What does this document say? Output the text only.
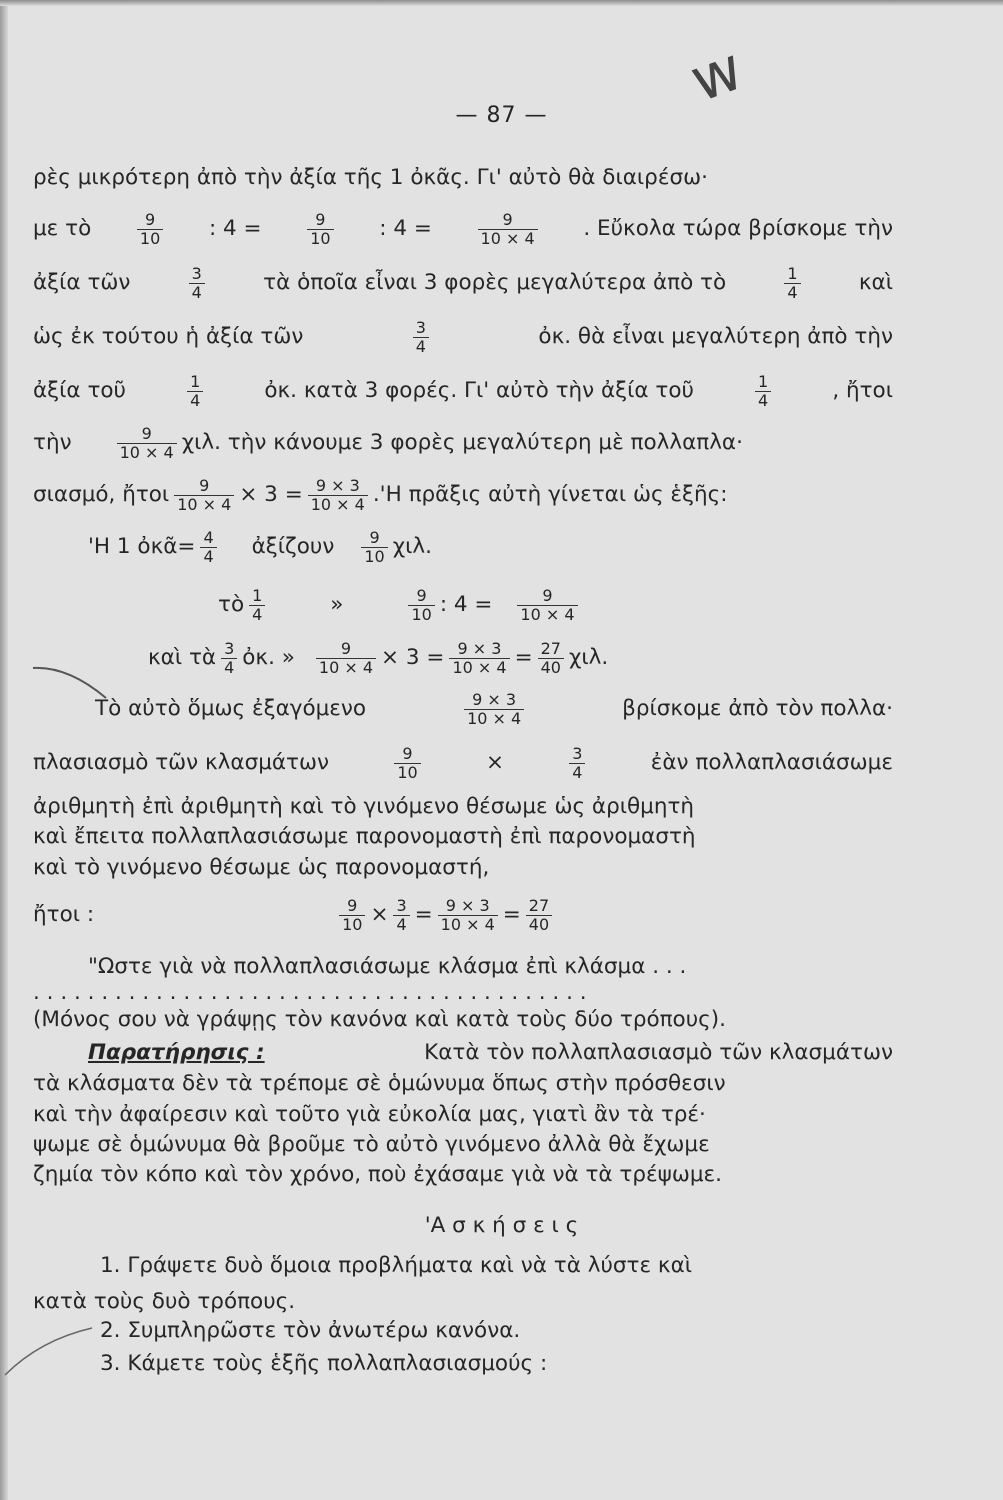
— 87 —	ᴡ
ρὲς μικρότερη ἀπὸ τὴν ἀξία τῆς 1 ὀκᾶς. Γι' αὐτὸ θὰ διαιρέσω·
με τὸ	$\frac{9}{10}$ : 4 =	$\frac{9}{10}$ : 4 =	$\frac{9}{10 \times 4}$ . Εὔκολα τώρα βρίσκομε τὴν
ἀξία τῶν	$\frac{3}{4}$	τὰ ὁποῖα εἶναι 3 φορὲς μεγαλύτερα ἀπὸ τὸ	$\frac{1}{4}$	καὶ
ὡς ἐκ τούτου ἡ ἀξία τῶν	$\frac{3}{4}$	ὀκ. θὰ εἶναι μεγαλύτερη ἀπὸ τὴν
ἀξία τοῦ	$\frac{1}{4}$	ὀκ. κατὰ 3 φορές. Γι' αὐτὸ τὴν ἀξία τοῦ	$\frac{1}{4}$	, ἤτοι
τὴν	$\frac{9}{10 \times 4} \chi\iota\lambda$. τὴν κάνουμε 3 φορὲς μεγαλύτερη μὲ πολλαπλα·
σιασμό, ἤτοι $\frac{9}{10 \times 4} \times 3 = \frac{9 \times 3}{10 \times 4} .'H$ πρᾶξις αὐτὴ γίνεται ὡς ἑξῆς:
'Η 1 ὀκᾶ= $\frac{4}{4}$ ἀξίζουν $\frac{9}{10} \chi\iota\lambda$.
τὸ $\frac{1}{4}$	»	$\frac{9}{10}$ : $4 = \frac{9}{10 \times 4}$
καὶ τὰ $\frac{3}{4}$ ὀκ. » $\frac{9}{10 \times 4} \times 3 = \frac{9 \times 3}{10 \times 4} = \frac{27}{40} \chi\iota\lambda$.
Τὸ αὐτὸ ὅμως ἐξαγόμενο	$\frac{9 \times 3}{10 \times 4}$	βρίσκομε ἀπὸ τὸν πολλα·
πλασιασμὸ τῶν κλασμάτων	$\frac{9}{10}$	×	$\frac{3}{4}$	ἐὰν πολλαπλασιάσωμε
ἀριθμητὴ ἐπὶ ἀριθμητὴ καὶ τὸ γινόμενο θέσωμε ὡς ἀριθμητὴ
καὶ ἔπειτα πολλαπλασιάσωμε παρονομαστὴ ἐπὶ παρονομαστὴ
καὶ τὸ γινόμενο θέσωμε ὡς παρονομαστή,
ἤτοι :	$\frac{9}{10} \times \frac{3}{4} = \frac{9 \times 3}{10 \times 4} = \frac{27}{40}$
"Ωστε γιὰ νὰ πολλαπλασιάσωμε κλάσμα ἐπὶ κλάσμα . . .
. . . . . . . . . . . . . . . . . . . . . . . . . . . . . . . . . . . . . . . . .
(Μόνος σου νὰ γράψῃς τὸν κανόνα καὶ κατὰ τοὺς δύο τρόπους).
Παρατήρησις :	Κατὰ τὸν πολλαπλασιασμὸ τῶν κλασμάτων
τὰ κλάσματα δὲν τὰ τρέπομε σὲ ὁμώνυμα ὅπως στὴν πρόσθεσιν
καὶ τὴν ἀφαίρεσιν καὶ τοῦτο γιὰ εὐκολία μας, γιατὶ ἂν τὰ τρέ·
ψωμε σὲ ὁμώνυμα θὰ βροῦμε τὸ αὐτὸ γινόμενο ἀλλὰ θὰ ἔχωμε
ζημία τὸν κόπο καὶ τὸν χρόνο, ποὺ ἐχάσαμε γιὰ νὰ τὰ τρέψωμε.
'Α σ κ ή σ ε ι ς
1. Γράψετε δυὸ ὅμοια προβλήματα καὶ νὰ τὰ λύστε καὶ
κατὰ τοὺς δυὸ τρόπους.
2. Συμπληρῶστε τὸν ἀνωτέρω κανόνα.
3. Κάμετε τοὺς ἑξῆς πολλαπλασιασμούς :
